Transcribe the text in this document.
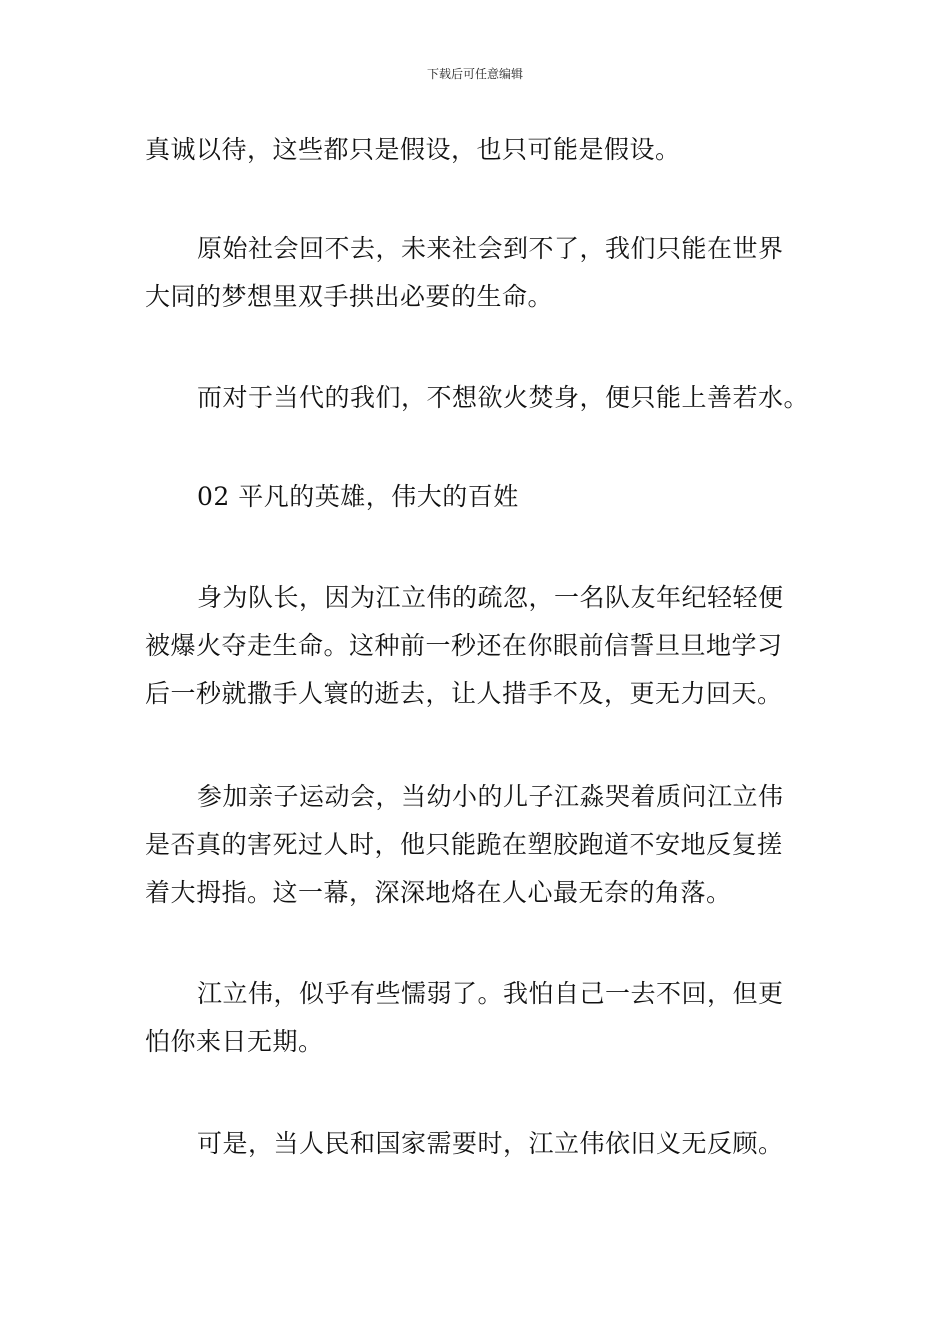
下载后可任意编辑

真诚以待，这些都只是假设，也只可能是假设。

原始社会回不去，未来社会到不了，我们只能在世界
大同的梦想里双手拱出必要的生命。

而对于当代的我们，不想欲火焚身，便只能上善若水。

02 平凡的英雄，伟大的百姓

身为队长，因为江立伟的疏忽，一名队友年纪轻轻便
被爆火夺走生命。这种前一秒还在你眼前信誓旦旦地学习
后一秒就撒手人寰的逝去，让人措手不及，更无力回天。

参加亲子运动会，当幼小的儿子江淼哭着质问江立伟
是否真的害死过人时，他只能跪在塑胶跑道不安地反复搓
着大拇指。这一幕，深深地烙在人心最无奈的角落。

江立伟，似乎有些懦弱了。我怕自己一去不回，但更
怕你来日无期。

可是，当人民和国家需要时，江立伟依旧义无反顾。
